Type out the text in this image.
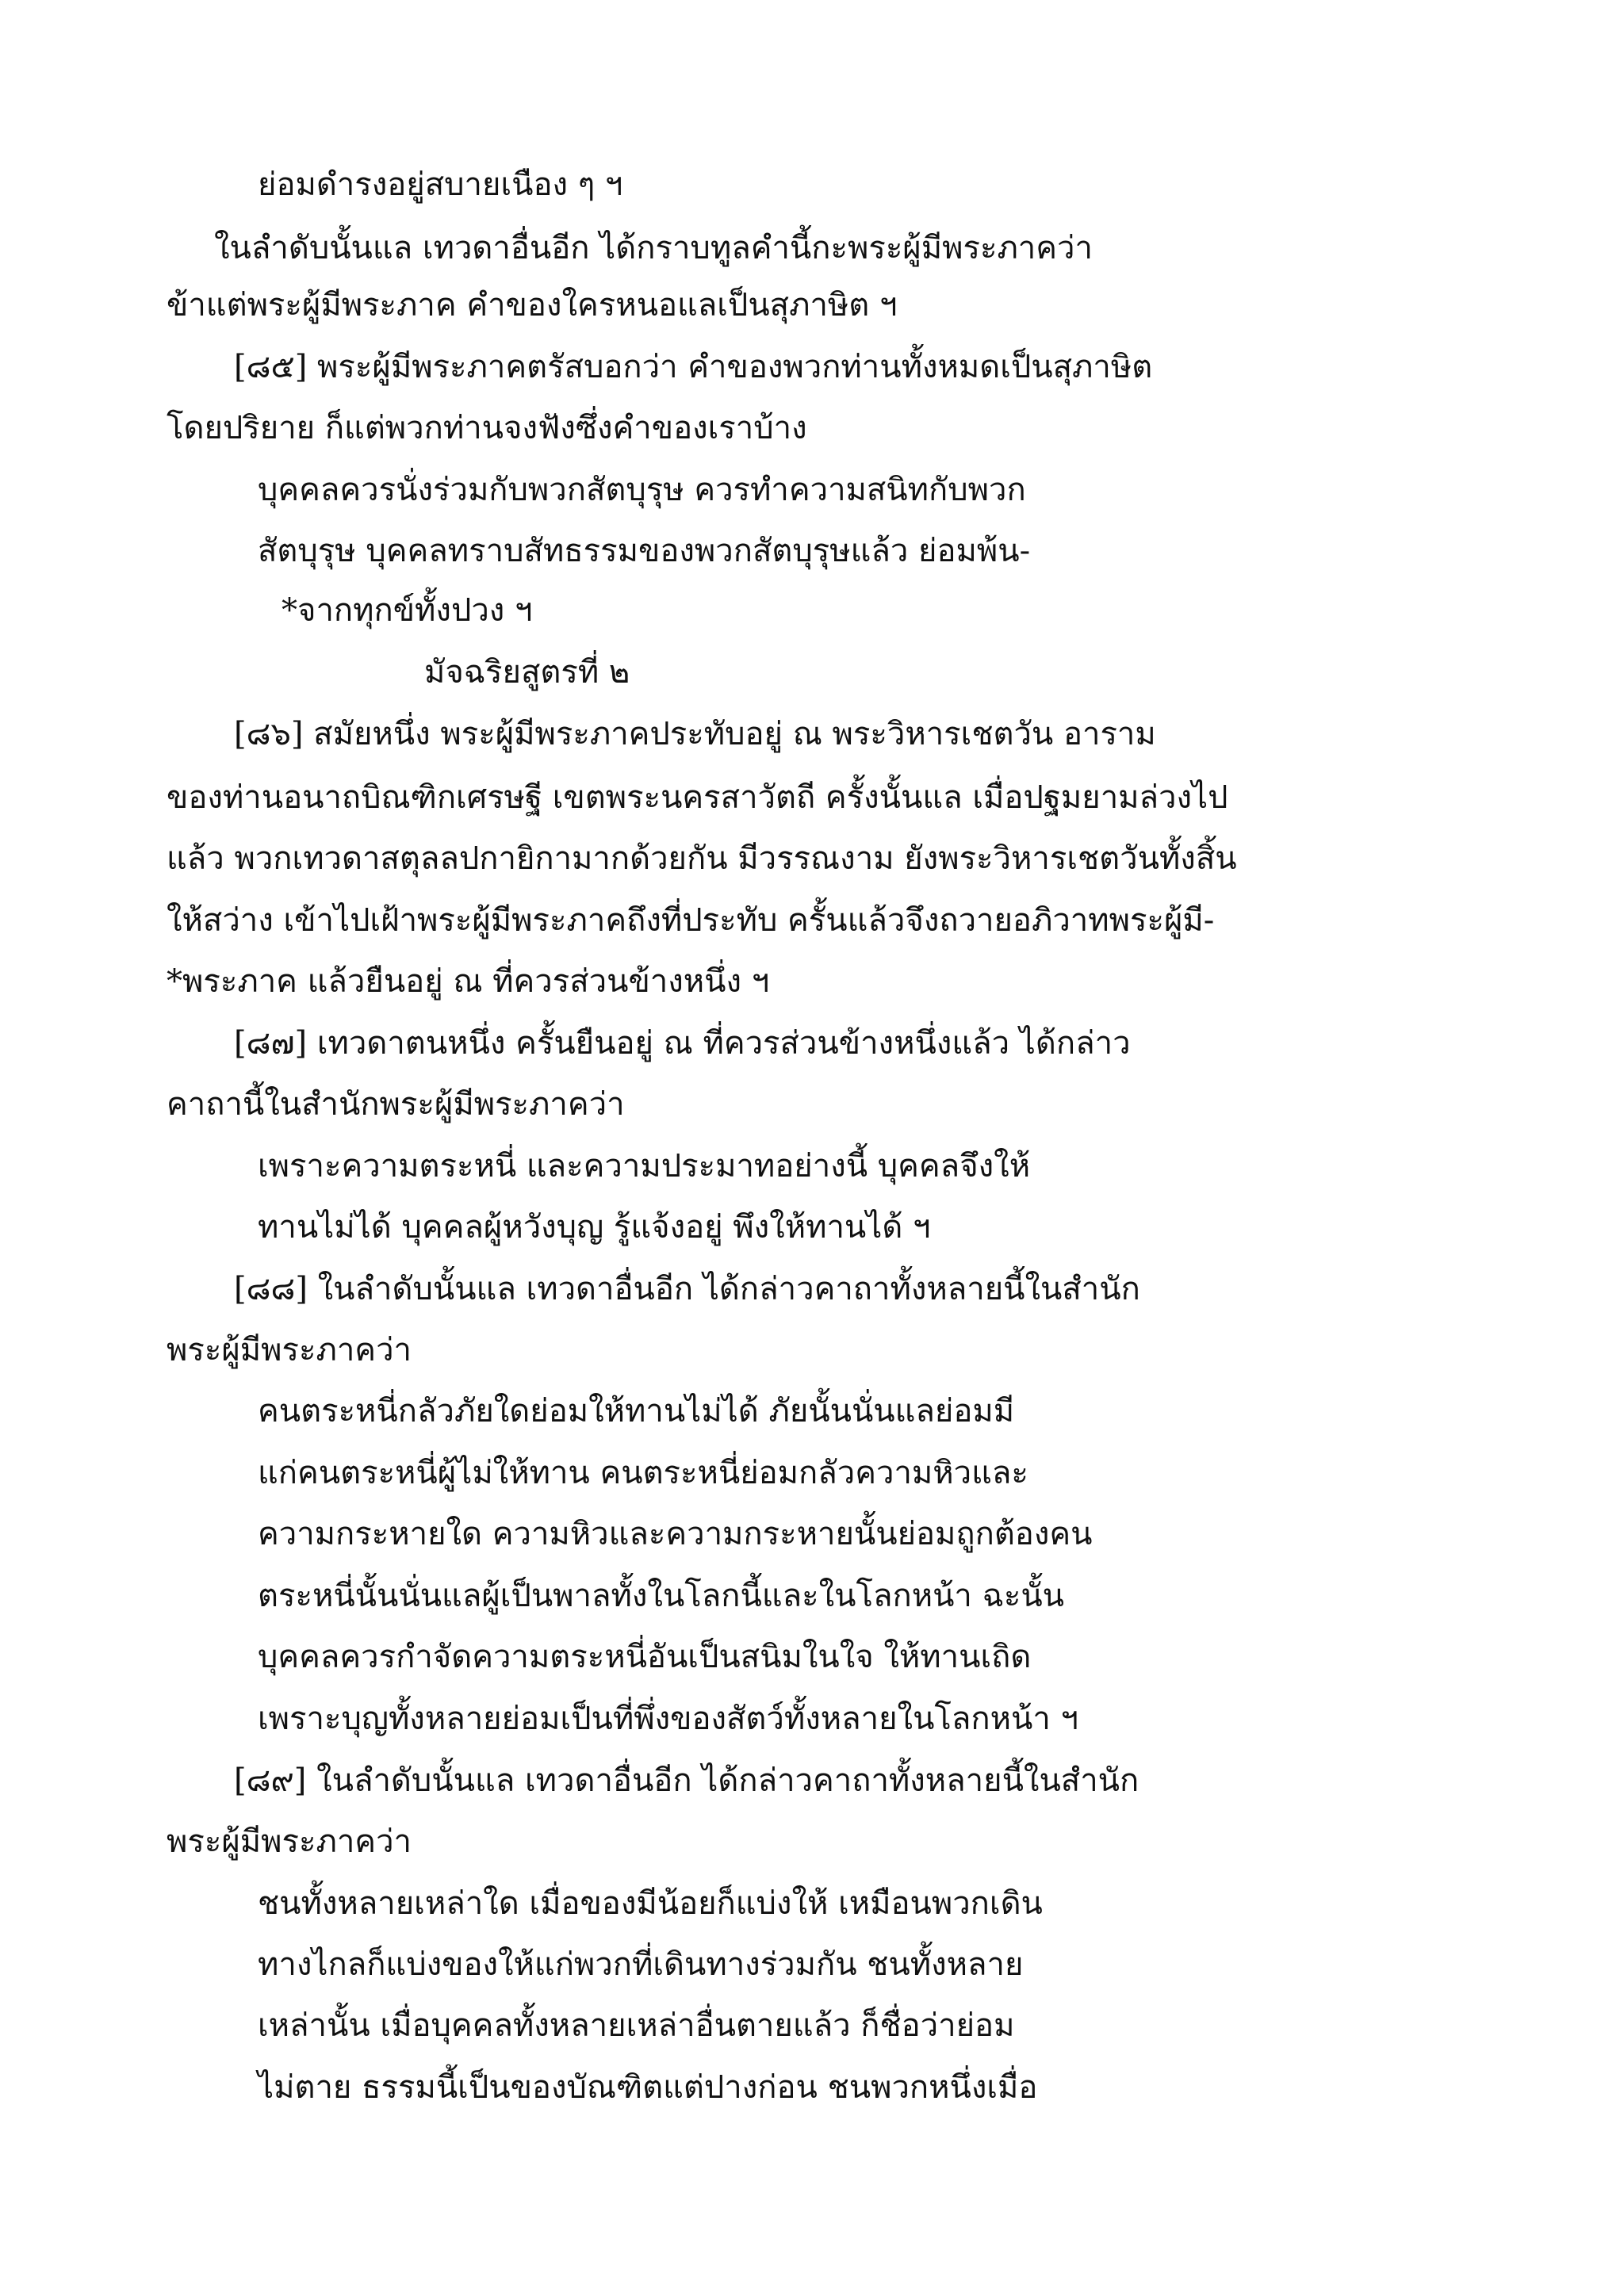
ย่อมดำรงอยู่สบายเนือง ๆ ฯ
ในลำดับนั้นแล เทวดาอื่นอีก ได้กราบทูลคำนี้กะพระผู้มีพระภาคว่า
ข้าแต่พระผู้มีพระภาค คำของใครหนอแลเป็นสุภาษิต ฯ
[๘๕] พระผู้มีพระภาคตรัสบอกว่า คำของพวกท่านทั้งหมดเป็นสุภาษิต
โดยปริยาย ก็แต่พวกท่านจงฟังซึ่งคำของเราบ้าง
บุคคลควรนั่งร่วมกับพวกสัตบุรุษ ควรทำความสนิทกับพวก
สัตบุรุษ บุคคลทราบสัทธรรมของพวกสัตบุรุษแล้ว ย่อมพ้น-
*จากทุกข์ทั้งปวง ฯ
มัจฉริยสูตรที่ ๒
[๘๖] สมัยหนึ่ง พระผู้มีพระภาคประทับอยู่ ณ พระวิหารเชตวัน อาราม
ของท่านอนาถบิณฑิกเศรษฐี เขตพระนครสาวัตถี ครั้งนั้นแล เมื่อปฐมยามล่วงไป
แล้ว พวกเทวดาสตุลลปกายิกามากด้วยกัน มีวรรณงาม ยังพระวิหารเชตวันทั้งสิ้น
ให้สว่าง เข้าไปเฝ้าพระผู้มีพระภาคถึงที่ประทับ ครั้นแล้วจึงถวายอภิวาทพระผู้มี-
*พระภาค แล้วยืนอยู่ ณ ที่ควรส่วนข้างหนึ่ง ฯ
[๘๗] เทวดาตนหนึ่ง ครั้นยืนอยู่ ณ ที่ควรส่วนข้างหนึ่งแล้ว ได้กล่าว
คาถานี้ในสำนักพระผู้มีพระภาคว่า
เพราะความตระหนี่ และความประมาทอย่างนี้ บุคคลจึงให้
ทานไม่ได้ บุคคลผู้หวังบุญ รู้แจ้งอยู่ พึงให้ทานได้ ฯ
[๘๘] ในลำดับนั้นแล เทวดาอื่นอีก ได้กล่าวคาถาทั้งหลายนี้ในสำนัก
พระผู้มีพระภาคว่า
คนตระหนี่กลัวภัยใดย่อมให้ทานไม่ได้ ภัยนั้นนั่นแลย่อมมี
แก่คนตระหนี่ผู้ไม่ให้ทาน คนตระหนี่ย่อมกลัวความหิวและ
ความกระหายใด ความหิวและความกระหายนั้นย่อมถูกต้องคน
ตระหนี่นั้นนั่นแลผู้เป็นพาลทั้งในโลกนี้และในโลกหน้า ฉะนั้น
บุคคลควรกำจัดความตระหนี่อันเป็นสนิมในใจ ให้ทานเถิด
เพราะบุญทั้งหลายย่อมเป็นที่พึ่งของสัตว์ทั้งหลายในโลกหน้า ฯ
[๘๙] ในลำดับนั้นแล เทวดาอื่นอีก ได้กล่าวคาถาทั้งหลายนี้ในสำนัก
พระผู้มีพระภาคว่า
ชนทั้งหลายเหล่าใด เมื่อของมีน้อยก็แบ่งให้ เหมือนพวกเดิน
ทางไกลก็แบ่งของให้แก่พวกที่เดินทางร่วมกัน ชนทั้งหลาย
เหล่านั้น เมื่อบุคคลทั้งหลายเหล่าอื่นตายแล้ว ก็ชื่อว่าย่อม
ไม่ตาย ธรรมนี้เป็นของบัณฑิตแต่ปางก่อน ชนพวกหนึ่งเมื่อ
